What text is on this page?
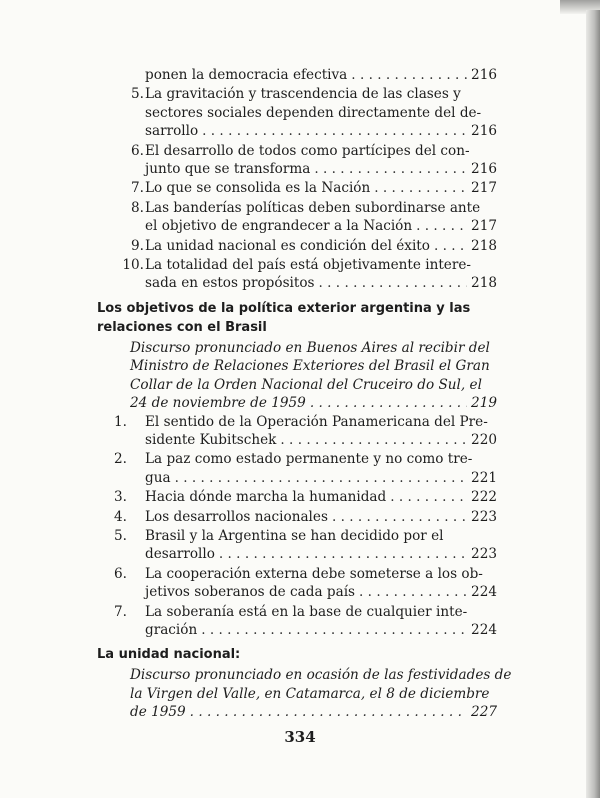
ponen la democracia efectiva . . .	216
5. La gravitación y trascendencia de las clases y
sectores sociales dependen directamente del de-
sarrollo . . .	216
6. El desarrollo de todos como partícipes del con-
junto que se transforma . . .	216
7. Lo que se consolida es la Nación . . .	217
8. Las banderías políticas deben subordinarse ante
el objetivo de engrandecer a la Nación . . .	217
9. La unidad nacional es condición del éxito . . .	218
10. La totalidad del país está objetivamente intere-
sada en estos propósitos . . .	218
Los objetivos de la política exterior argentina y las
relaciones con el Brasil
Discurso pronunciado en Buenos Aires al recibir del
Ministro de Relaciones Exteriores del Brasil el Gran
Collar de la Orden Nacional del Cruceiro do Sul, el
24 de noviembre de 1959 . . .	219
1. El sentido de la Operación Panamericana del Pre-
sidente Kubitschek . . .	220
2. La paz como estado permanente y no como tre-
gua . . .	221
3. Hacia dónde marcha la humanidad . . .	222
4. Los desarrollos nacionales . . .	223
5. Brasil y la Argentina se han decidido por el
desarrollo . . .	223
6. La cooperación externa debe someterse a los ob-
jetivos soberanos de cada país . . .	224
7. La soberanía está en la base de cualquier inte-
gración . . .	224
La unidad nacional:
Discurso pronunciado en ocasión de las festividades de
la Virgen del Valle, en Catamarca, el 8 de diciembre
de 1959 . . .	227
334
